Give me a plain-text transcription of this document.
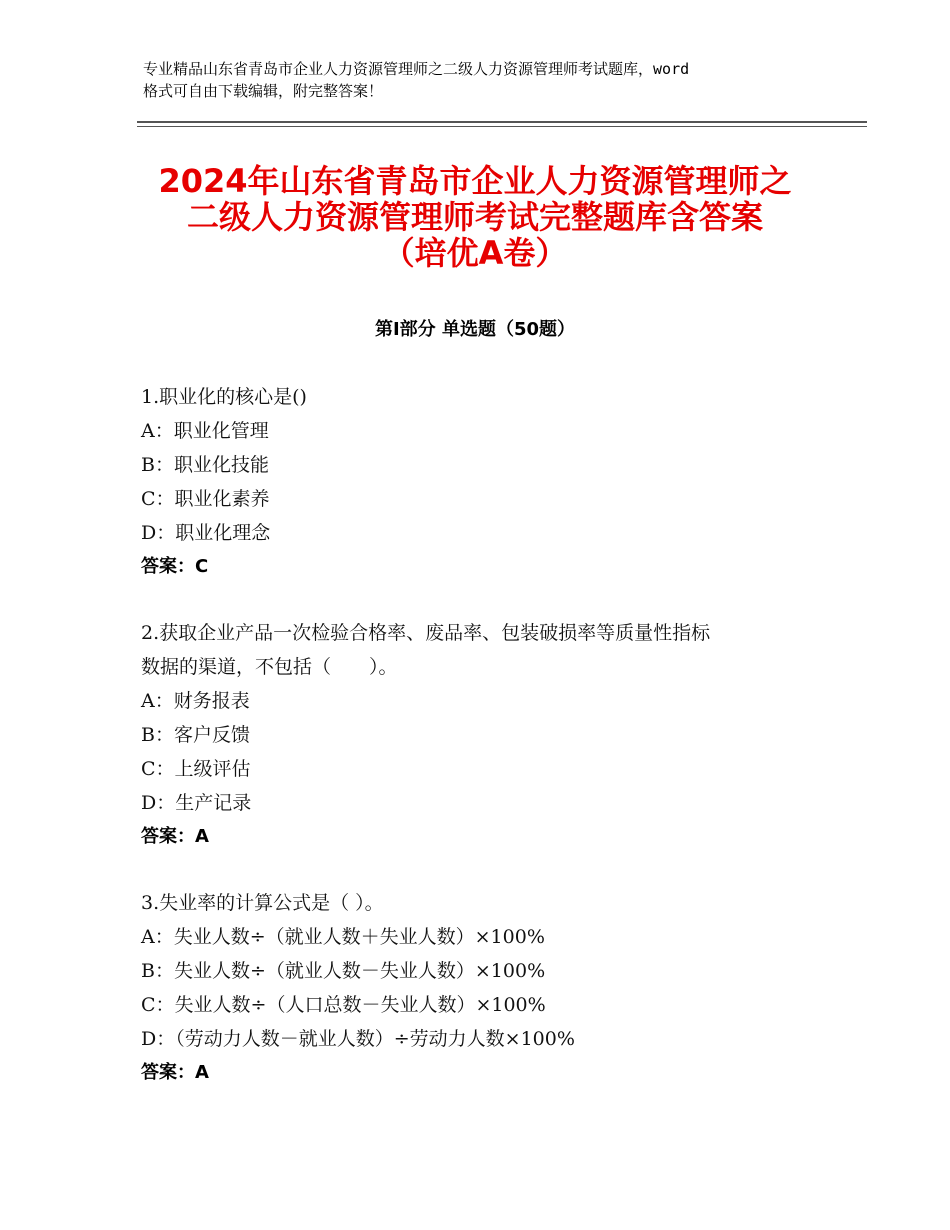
专业精品山东省青岛市企业人力资源管理师之二级人力资源管理师考试题库，word
格式可自由下载编辑，附完整答案！
2024年山东省青岛市企业人力资源管理师之
二级人力资源管理师考试完整题库含答案
（培优A卷）
第Ⅰ部分 单选题（50题）
1.职业化的核心是()
A：职业化管理
B：职业化技能
C：职业化素养
D：职业化理念
答案：C
2.获取企业产品一次检验合格率、废品率、包装破损率等质量性指标
数据的渠道，不包括（　　）。
A：财务报表
B：客户反馈
C：上级评估
D：生产记录
答案：A
3.失业率的计算公式是（ ）。
A：失业人数÷（就业人数＋失业人数）×100%
B：失业人数÷（就业人数－失业人数）×100%
C：失业人数÷（人口总数－失业人数）×100%
D：（劳动力人数－就业人数）÷劳动力人数×100%
答案：A
